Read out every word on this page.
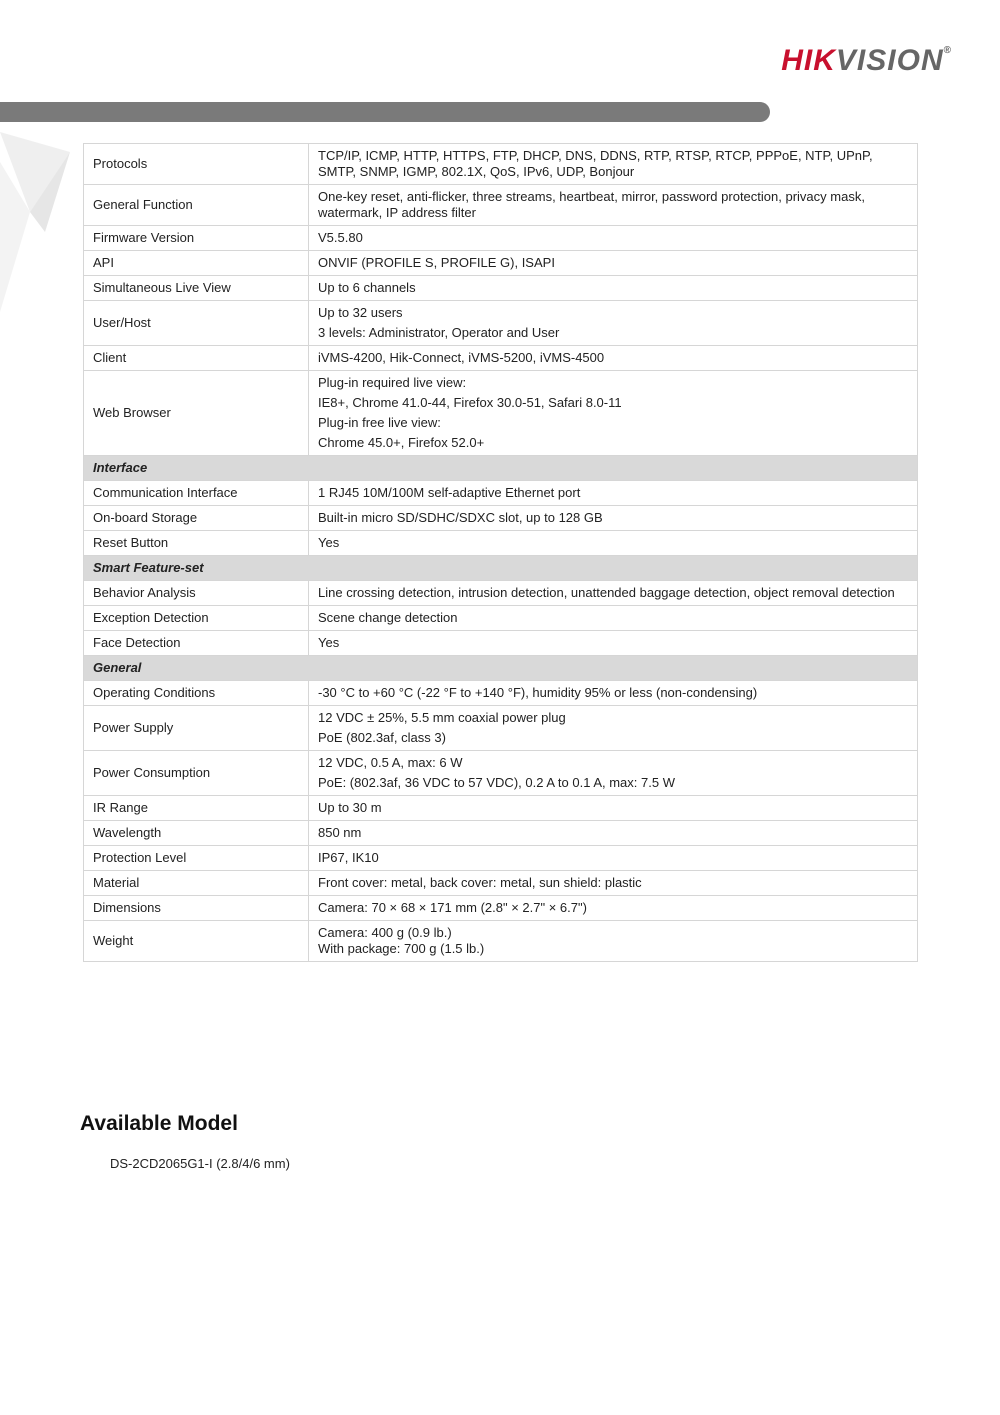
HIKVISION®
Protocols	TCP/IP, ICMP, HTTP, HTTPS, FTP, DHCP, DNS, DDNS, RTP, RTSP, RTCP, PPPoE, NTP, UPnP, SMTP, SNMP, IGMP, 802.1X, QoS, IPv6, UDP, Bonjour

General Function	One-key reset, anti-flicker, three streams, heartbeat, mirror, password protection, privacy mask, watermark, IP address filter

Firmware Version	V5.5.80

API	ONVIF (PROFILE S, PROFILE G), ISAPI

Simultaneous Live View	Up to 6 channels

User/Host	Up to 32 users
3 levels: Administrator, Operator and User

Client	iVMS-4200, Hik-Connect, iVMS-5200, iVMS-4500

Web Browser	Plug-in required live view:
IE8+, Chrome 41.0-44, Firefox 30.0-51, Safari 8.0-11
Plug-in free live view:
Chrome 45.0+, Firefox 52.0+

Interface	
Communication Interface	1 RJ45 10M/100M self-adaptive Ethernet port

On-board Storage	Built-in micro SD/SDHC/SDXC slot, up to 128 GB

Reset Button	Yes

Smart Feature-set	
Behavior Analysis	Line crossing detection, intrusion detection, unattended baggage detection, object removal detection

Exception Detection	Scene change detection

Face Detection	Yes

General	
Operating Conditions	-30 °C to +60 °C (-22 °F to +140 °F), humidity 95% or less (non-condensing)

Power Supply	12 VDC ± 25%, 5.5 mm coaxial power plug
PoE (802.3af, class 3)

Power Consumption	12 VDC, 0.5 A, max: 6 W
PoE: (802.3af, 36 VDC to 57 VDC), 0.2 A to 0.1 A, max: 7.5 W

IR Range	Up to 30 m

Wavelength	850 nm

Protection Level	IP67, IK10

Material	Front cover: metal, back cover: metal, sun shield: plastic

Dimensions	Camera: 70 × 68 × 171 mm (2.8" × 2.7" × 6.7")

Weight	Camera: 400 g (0.9 lb.)
With package: 700 g (1.5 lb.)
Available Model
DS-2CD2065G1-I (2.8/4/6 mm)
